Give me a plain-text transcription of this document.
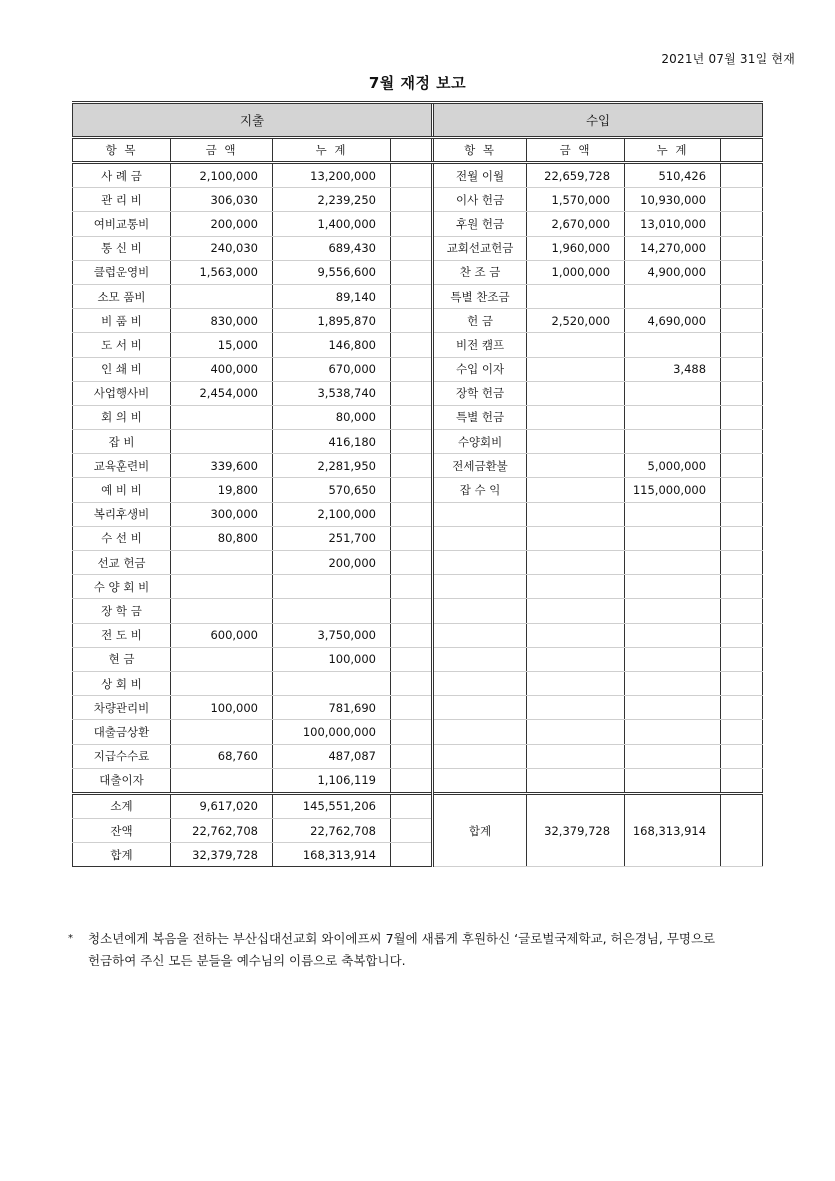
2021년 07월 31일 현재
7월 재정 보고
지출				수입			
항 목	금 액	누 계		항 목	금 액	누 계	
사 례 금	2,100,000	13,200,000		전월 이월	22,659,728	510,426	
관 리 비	306,030	2,239,250		이사 헌금	1,570,000	10,930,000	
여비교통비	200,000	1,400,000		후원 헌금	2,670,000	13,010,000	
통 신 비	240,030	689,430		교회선교헌금	1,960,000	14,270,000	
클럽운영비	1,563,000	9,556,600		찬 조 금	1,000,000	4,900,000	
소모 품비		89,140		특별 찬조금			
비 품 비	830,000	1,895,870		헌 금	2,520,000	4,690,000	
도 서 비	15,000	146,800		비전 캠프			
인 쇄 비	400,000	670,000		수입 이자		3,488	
사업행사비	2,454,000	3,538,740		장학 헌금			
회 의 비		80,000		특별 헌금			
잡 비		416,180		수양회비			
교육훈련비	339,600	2,281,950		전세금환불		5,000,000	
예 비 비	19,800	570,650		잡 수 익		115,000,000	
복리후생비	300,000	2,100,000					
수 선 비	80,800	251,700					
선교 헌금		200,000					
수 양 회 비							
장 학 금							
전 도 비	600,000	3,750,000					
현 금		100,000					
상 회 비							
차량관리비	100,000	781,690					
대출금상환		100,000,000					
지급수수료	68,760	487,087					
대출이자		1,106,119					
소계	9,617,020	145,551,206		합계	32,379,728	168,313,914	
잔액	22,762,708	22,762,708					
합계	32,379,728	168,313,914					
*	청소년에게 복음을 전하는 부산십대선교회 와이에프씨 7월에 새롭게 후원하신 ‘글로벌국제학교, 허은경님, 무명으로
헌금하여 주신 모든 분들을 예수님의 이름으로 축복합니다.
